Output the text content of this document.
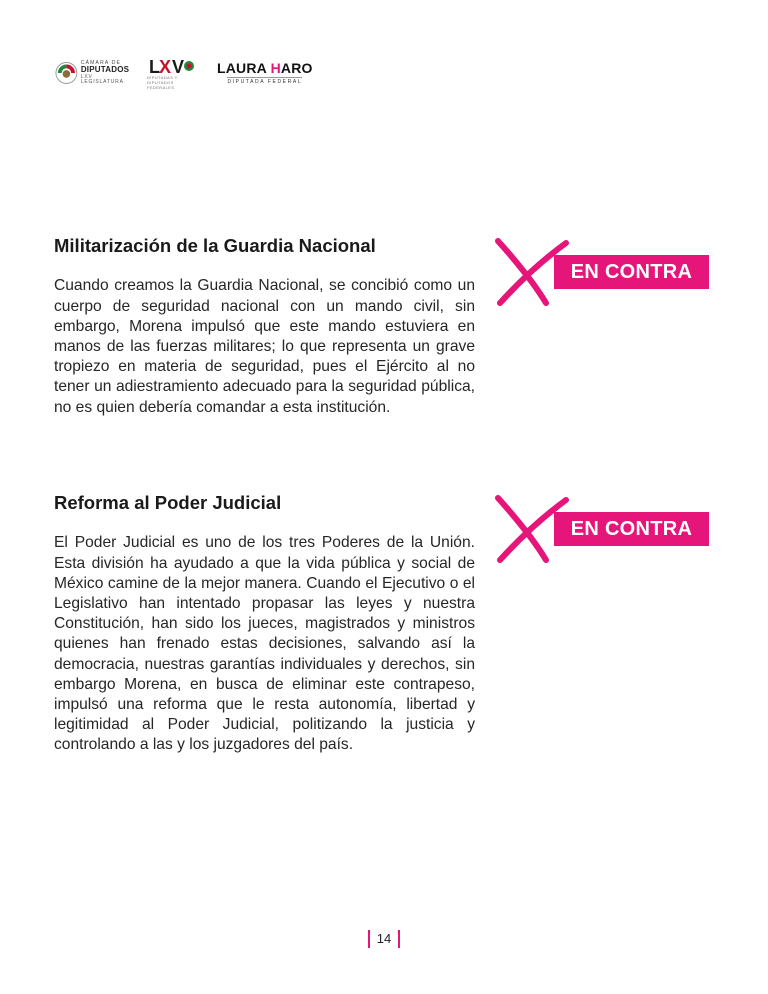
CÁMARA DE
DIPUTADOS
LXV LEGISLATURA
L X V
DIPUTADAS Y DIPUTADOS FEDERALES
LAURA HARO
DIPUTADA FEDERAL
Militarización de la Guardia Nacional

Cuando creamos la Guardia Nacional, se concibió como un cuerpo de seguridad nacional con un mando civil, sin embargo, Morena impulsó que este mando estuviera en manos de las fuerzas militares; lo que representa un grave tropiezo en materia de seguridad, pues el Ejército al no tener un adiestramiento adecuado para la seguridad pública, no es quien debería comandar a esta institución.

EN CONTRA
Reforma al Poder Judicial

El Poder Judicial es uno de los tres Poderes de la Unión. Esta división ha ayudado a que la vida pública y social de México camine de la mejor manera. Cuando el Ejecutivo o el Legislativo han intentado propasar las leyes y nuestra Constitución, han sido los jueces, magistrados y ministros quienes han frenado estas decisiones, salvando así la democracia, nuestras garantías individuales y derechos, sin embargo Morena, en busca de eliminar este contrapeso, impulsó una reforma que le resta autonomía, libertad y legitimidad al Poder Judicial, politizando la justicia y controlando a las y los juzgadores del país.

EN CONTRA
14
